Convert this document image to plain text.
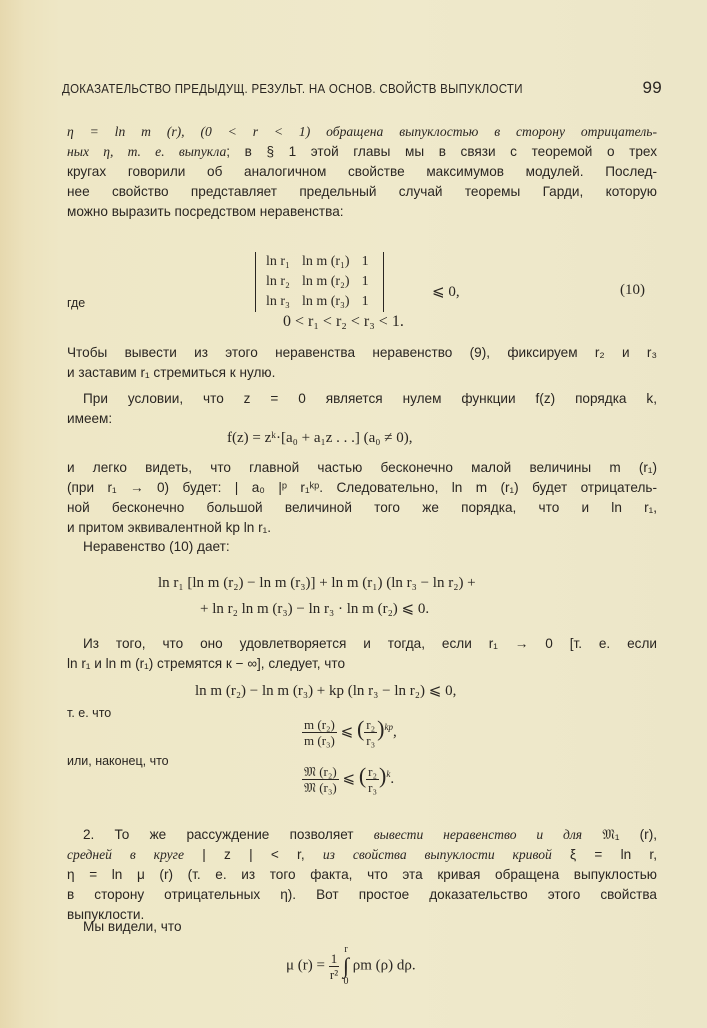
ДОКАЗАТЕЛЬСТВО ПРЕДЫДУЩ. РЕЗУЛЬТ. НА ОСНОВ. СВОЙСТВ ВЫПУКЛОСТИ	99
η = ln m (r), (0 < r < 1) обращена выпуклостью в сторону отрицатель-
ных η, т. е. выпукла; в § 1 этой главы мы в связи с теоремой о трех
кругах говорили об аналогичном свойстве максимумов модулей. Послед-
нее свойство представляет предельный случай теоремы Гарди, которую
можно выразить посредством неравенства:
ln r₁	ln m (r₁)	1
ln r₂	ln m (r₂)	1
ln r₃	ln m (r₃)	1
⩽ 0,	(10)
где
0 < r₁ < r₂ < r₃ < 1.
Чтобы вывести из этого неравенства неравенство (9), фиксируем r₂ и r₃
и заставим r₁ стремиться к нулю.
При условии, что z = 0 является нулем функции f(z) порядка k,
имеем:
f(z) = zᵏ·[a₀ + a₁z . . .] (a₀ ≠ 0),
и легко видеть, что главной частью бесконечно малой величины m (r₁)
(при r₁ → 0) будет: | a₀ |ᵖ r₁ᵏᵖ. Следовательно, ln m (r₁) будет отрицатель-
ной бесконечно большой величиной того же порядка, что и ln r₁,
и притом эквивалентной kp ln r₁.
Неравенство (10) дает:
ln r₁ [ln m (r₂) − ln m (r₃)] + ln m (r₁) (ln r₃ − ln r₂) +
+ ln r₂ ln m (r₃) − ln r₃ · ln m (r₂) ⩽ 0.
Из того, что оно удовлетворяется и тогда, если r₁ → 0 [т. е. если
ln r₁ и ln m (r₁) стремятся к − ∞], следует, что
ln m (r₂) − ln m (r₃) + kp (ln r₃ − ln r₂) ⩽ 0,
т. е. что
$\frac{\text{m (r₂)}}{\text{m (r₃)}}$ ⩽ ( $\frac{\text{r₂}}{\text{r₃}} )^{kp}$,
или, наконец, что
$\frac{\text{𝔐 (r₂)}}{\text{𝔐 (r₃)}}$ ⩽ ( $\frac{\text{r₂}}{\text{r₃}} )^k$.
2. То же рассуждение позволяет вывести неравенство и для 𝔐₁ (r),
средней в круге | z | < r, из свойства выпуклости кривой ξ = ln r,
η = ln μ (r) (т. е. из того факта, что эта кривая обращена выпуклостью
в сторону отрицательных η). Вот простое доказательство этого свойства
выпуклости.
Мы видели, что
μ $(r) = \frac{1}{\text{r²}}$

r
∫
0
ρm (ρ) dρ.
